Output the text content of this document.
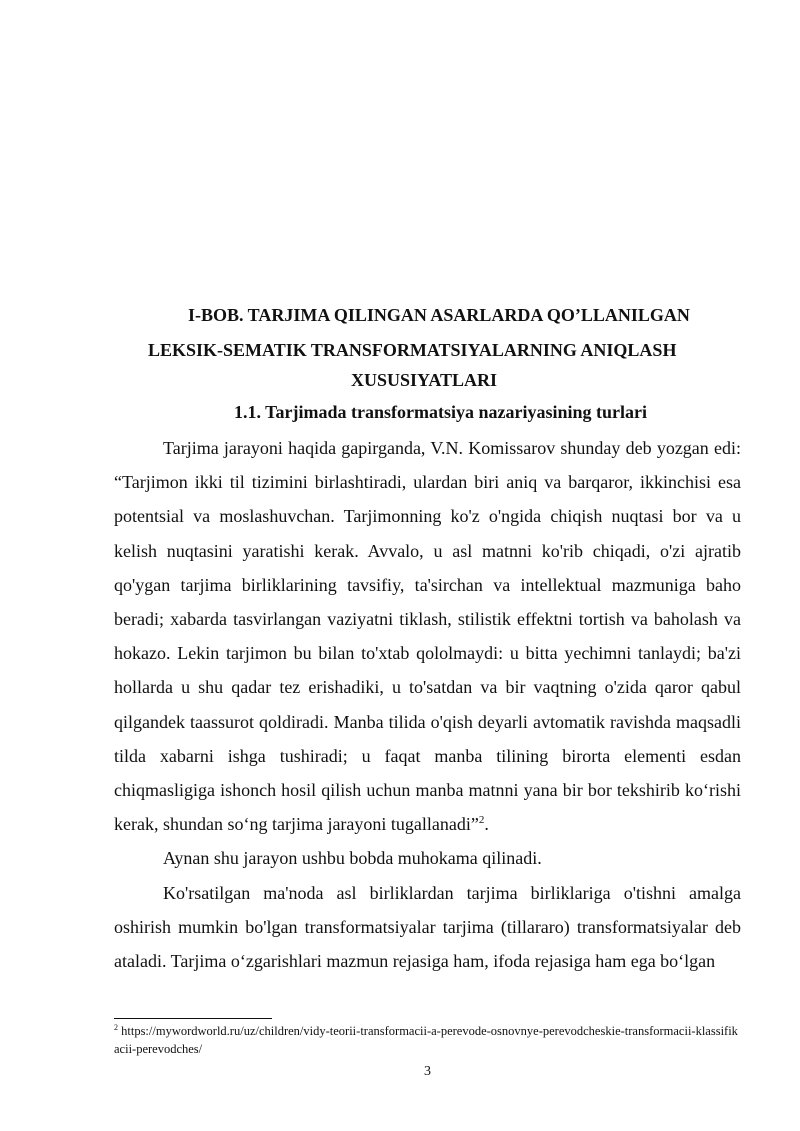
I-BOB. TARJIMA QILINGAN ASARLARDA QO’LLANILGAN
LEKSIK-SEMATIK TRANSFORMATSIYALARNING ANIQLASH
XUSUSIYATLARI
1.1. Tarjimada transformatsiya nazariyasining turlari

Tarjima jarayoni haqida gapirganda, V.N. Komissarov shunday deb yozgan edi: “Tarjimon ikki til tizimini birlashtiradi, ulardan biri aniq va barqaror, ikkinchisi esa potentsial va moslashuvchan. Tarjimonning ko'z o'ngida chiqish nuqtasi bor va u kelish nuqtasini yaratishi kerak. Avvalo, u asl matnni ko'rib chiqadi, o'zi ajratib qo'ygan tarjima birliklarining tavsifiy, ta'sirchan va intellektual mazmuniga baho beradi; xabarda tasvirlangan vaziyatni tiklash, stilistik effektni tortish va baholash va hokazo. Lekin tarjimon bu bilan to'xtab qololmaydi: u bitta yechimni tanlaydi; ba'zi hollarda u shu qadar tez erishadiki, u to'satdan va bir vaqtning o'zida qaror qabul qilgandek taassurot qoldiradi. Manba tilida o'qish deyarli avtomatik ravishda maqsadli tilda xabarni ishga tushiradi; u faqat manba tilining birorta elementi esdan chiqmasligiga ishonch hosil qilish uchun manba matnni yana bir bor tekshirib ko‘rishi kerak, shundan so‘ng tarjima jarayoni tugallanadi”$^2$.

Aynan shu jarayon ushbu bobda muhokama qilinadi.

Ko'rsatilgan ma'noda asl birliklardan tarjima birliklariga o'tishni amalga oshirish mumkin bo'lgan transformatsiyalar tarjima (tillararo) transformatsiyalar deb ataladi. Tarjima o‘zgarishlari mazmun rejasiga ham, ifoda rejasiga ham ega bo‘lgan

$^2$ https://mywordworld.ru/uz/children/vidy-teorii-transformacii-a-perevode-osnovnye-perevodcheskie-transformacii-klassifikacii-perevodches/
3
